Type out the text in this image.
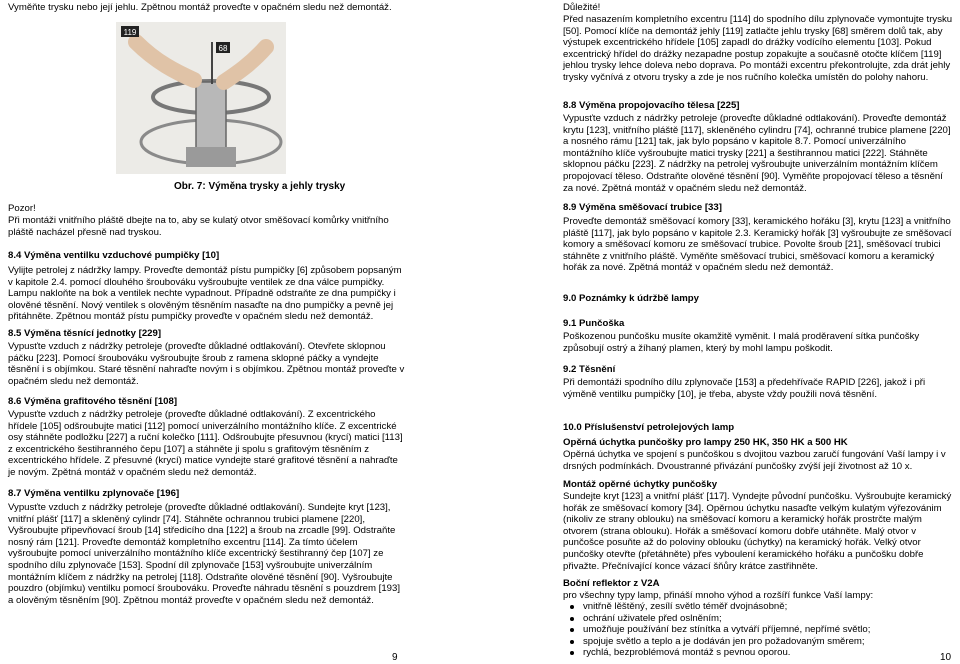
Vyměňte trysku nebo její jehlu. Zpětnou montáž proveďte v opačném sledu než demontáž.

119
68

Obr. 7: Výměna trysky a jehly trysky

Pozor!

Při montáži vnitřního pláště dbejte na to, aby se kulatý otvor směšovací komůrky vnitřního pláště nacházel přesně nad tryskou.

8.4 Výměna ventilku vzduchové pumpičky [10]

Vylijte petrolej z nádržky lampy. Proveďte demontáž pístu pumpičky [6] způsobem popsaným v kapitole 2.4. pomocí dlouhého šroubováku vyšroubujte ventilek ze dna válce pumpičky. Lampu nakloňte na bok a ventilek nechte vypadnout. Případně odstraňte ze dna pumpičky i olověné těsnění. Nový ventilek s olověným těsněním nasaďte na dno pumpičky a pevně jej přitáhněte. Zpětnou montáž pístu pumpičky proveďte v opačném sledu než demontáž.

8.5 Výměna těsnící jednotky [229]

Vypusťte vzduch z nádržky petroleje (proveďte důkladné odtlakování). Otevřete sklopnou páčku [223]. Pomocí šroubováku vyšroubujte šroub z ramena sklopné páčky a vyndejte těsnění i s objímkou. Staré těsnění nahraďte novým i s objímkou. Zpětnou montáž proveďte v opačném sledu než demontáž.

8.6 Výměna grafitového těsnění [108]

Vypusťte vzduch z nádržky petroleje (proveďte důkladné odtlakování). Z excentrického hřídele [105] odšroubujte matici [112] pomocí univerzálního montážního klíče. Z excentrické osy stáhněte podložku [227] a ruční kolečko [111]. Odšroubujte přesuvnou (krycí) matici [113] z excentrického šestihranného čepu [107] a stáhněte ji spolu s grafitovým těsněním z excentrického hřídele. Z přesuvné (krycí) matice vyndejte staré grafitové těsnění a nahraďte je novým. Zpětná montáž v opačném sledu než demontáž.

8.7 Výměna ventilku zplynovače [196]

Vypusťte vzduch z nádržky petroleje (proveďte důkladné odtlakování). Sundejte kryt [123], vnitřní plášť [117] a skleněný cylindr [74]. Stáhněte ochrannou trubici plamene [220], Vyšroubujte připevňovací šroub [14] středicího dna [122] a šroub na zrcadle [99]. Odstraňte nosný rám [121]. Proveďte demontáž kompletního excentru [114]. Za tímto účelem vyšroubujte pomocí univerzálního montážního klíče excentrický šestihranný čep [107] ze spodního dílu zplynovače [153]. Spodní díl zplynovače [153] vyšroubujte univerzálním montážním klíčem z nádržky na petrolej [118]. Odstraňte olověné těsnění [90]. Vyšroubujte pouzdro (objímku) ventilku pomocí šroubováku. Proveďte náhradu těsnění s pouzdrem [193] a olověným těsněním [90]. Zpětnou montáž proveďte v opačném sledu než demontáž.

9

Důležité!

Před nasazením kompletního excentru [114] do spodního dílu zplynovače vymontujte trysku [50]. Pomocí klíče na demontáž jehly [119] zatlačte jehlu trysky [68] směrem dolů tak, aby výstupek excentrického hřídele [105] zapadl do drážky vodícího elementu [103]. Pokud excentrický hřídel do drážky nezapadne postup zopakujte a současně otočte klíčem [119] jehlou trysky lehce doleva nebo doprava. Po montáži excentru překontrolujte, zda drát jehly trysky vyčnívá z otvoru trysky a zde je nos ručního kolečka umístěn do polohy nahoru.

8.8 Výměna propojovacího tělesa [225]

Vypusťte vzduch z nádržky petroleje (proveďte důkladné odtlakování). Proveďte demontáž krytu [123], vnitřního pláště [117], skleněného cylindru [74], ochranné trubice plamene [220] a nosného rámu [121] tak, jak bylo popsáno v kapitole 8.7. Pomocí univerzálního montážního klíče vyšroubujte matici trysky [221] a šestihrannou matici [222]. Stáhněte sklopnou páčku [223]. Z nádržky na petrolej vyšroubujte univerzálním montážním klíčem propojovací těleso. Odstraňte olověné těsnění [90]. Vyměňte propojovací těleso a těsnění za nové. Zpětná montáž v opačném sledu než demontáž.

8.9 Výměna směšovací trubice [33]

Proveďte demontáž směšovací komory [33], keramického hořáku [3], krytu [123] a vnitřního pláště [117], jak bylo popsáno v kapitole 2.3. Keramický hořák [3] vyšroubujte ze směšovací komory a směšovací komoru ze směšovací trubice. Povolte šroub [21], směšovací trubici stáhněte z vnitřního pláště. Vyměňte směšovací trubici, směšovací komoru a keramický hořák za nové. Zpětná montáž v opačném sledu než demontáž.

9.0 Poznámky k údržbě lampy

9.1 Punčoška

Poškozenou punčošku musíte okamžitě vyměnit. I malá proděravení sítka punčošky způsobují ostrý a žíhaný plamen, který by mohl lampu poškodit.

9.2 Těsnění

Při demontáži spodního dílu zplynovače [153] a předehřívače RAPID [226], jakož i při výměně ventilku pumpičky [10], je třeba, abyste vždy použili nová těsnění.

10.0 Příslušenství petrolejových lamp

Opěrná úchytka punčošky pro lampy 250 HK, 350 HK a 500 HK

Opěrná úchytka ve spojení s punčoškou s dvojitou vazbou zaručí fungování Vaší lampy i v drsných podmínkách. Dvoustranné přivázání punčošky zvýší její životnost až 10 x.

Montáž opěrné úchytky punčošky

Sundejte kryt [123] a vnitřní plášť [117]. Vyndejte původní punčošku. Vyšroubujte keramický hořák ze směšovací komory [34]. Opěrnou úchytku nasaďte velkým kulatým výřezovánim (nikoliv ze strany oblouku) na směšovací komoru a keramický hořák prostrčte malým otvorem (strana oblouku). Hořák a směšovací komoru dobře utáhněte. Malý otvor v punčošce posuňte až do poloviny oblouku (úchytky) na keramický hořák. Velký otvor punčošky otevřte (přetáhněte) přes vyboulení keramického hořáku a punčošku dobře přivažte. Přečnívající konce vázací šňůry krátce zastřihněte.

Boční reflektor z V2A

pro všechny typy lamp, přináší mnoho výhod a rozšíří funkce Vaší lampy:

vnitřně lěštěný, zesílí světlo téměř dvojnásobně;
ochrání uživatele před oslněním;
umožňuje používání bez stínítka a vytváří příjemné, nepřímé světlo;
spojuje světlo a teplo a je dodáván jen pro požadovaným směrem;
rychlá, bezproblémová montáž s pevnou oporou.	10
